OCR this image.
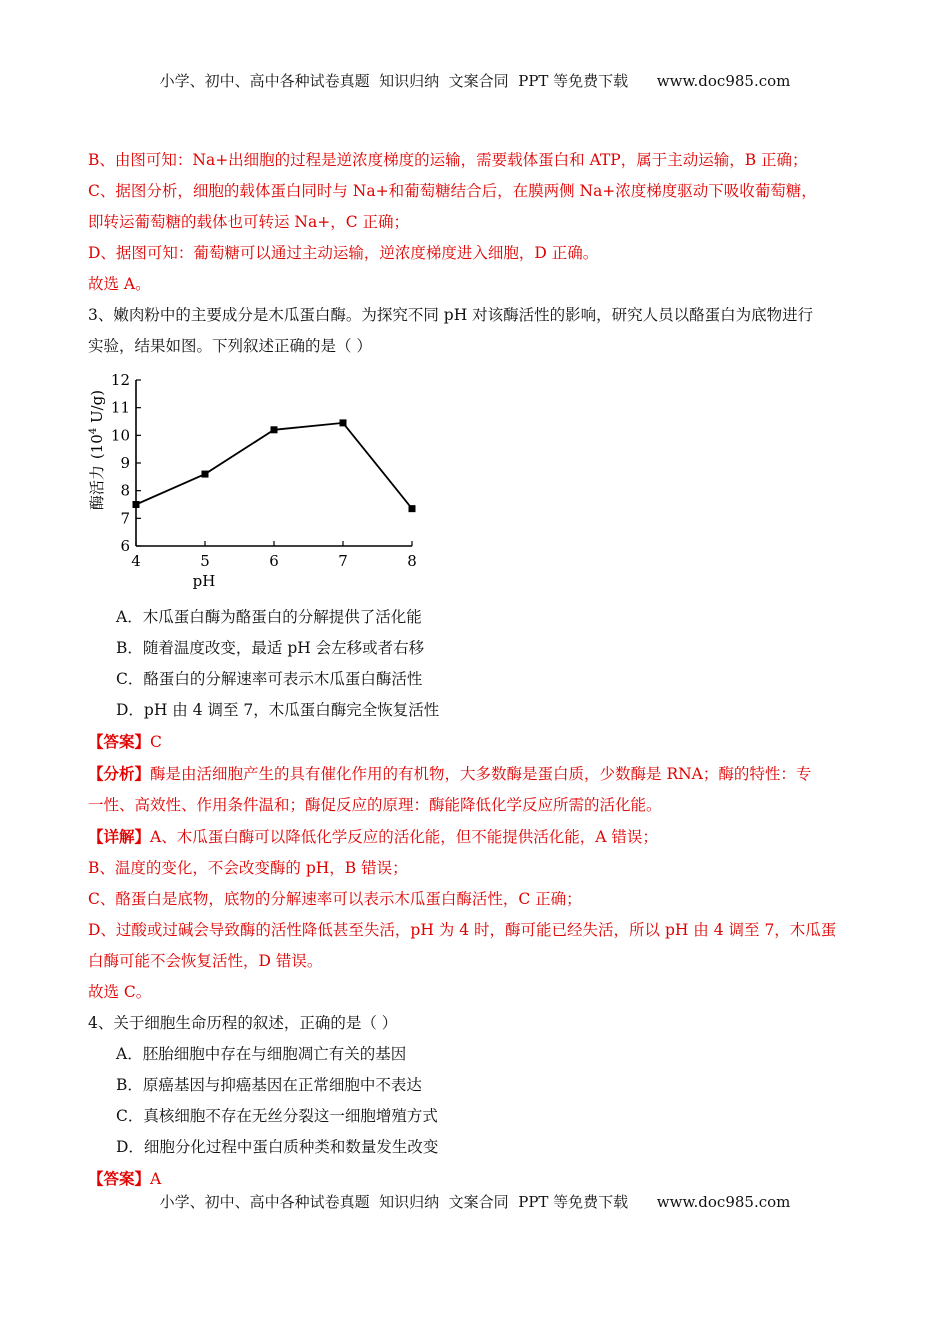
小学、初中、高中各种试卷真题  知识归纳  文案合同  PPT 等免费下载      www.doc985.com
B、由图可知：Na+出细胞的过程是逆浓度梯度的运输，需要载体蛋白和 ATP，属于主动运输，B 正确；
C、据图分析，细胞的载体蛋白同时与 Na+和葡萄糖结合后，在膜两侧 Na+浓度梯度驱动下吸收葡萄糖，
即转运葡萄糖的载体也可转运 Na+，C 正确；
D、据图可知：葡萄糖可以通过主动运输，逆浓度梯度进入细胞，D 正确。
故选 A。
3、嫩肉粉中的主要成分是木瓜蛋白酶。为探究不同 pH 对该酶活性的影响，研究人员以酪蛋白为底物进行
实验，结果如图。下列叙述正确的是（ ）
6
7
8
9
10
11
12
4	5	6	7	8
酶活力($10^4$ U/g)
pH
A．木瓜蛋白酶为酪蛋白的分解提供了活化能
B．随着温度改变，最适 pH 会左移或者右移
C．酪蛋白的分解速率可表示木瓜蛋白酶活性
D．pH 由 4 调至 7，木瓜蛋白酶完全恢复活性
【答案】C
【分析】酶是由活细胞产生的具有催化作用的有机物，大多数酶是蛋白质，少数酶是 RNA；酶的特性：专
一性、高效性、作用条件温和；酶促反应的原理：酶能降低化学反应所需的活化能。
【详解】A、木瓜蛋白酶可以降低化学反应的活化能，但不能提供活化能，A 错误；
B、温度的变化，不会改变酶的 pH，B 错误；
C、酪蛋白是底物，底物的分解速率可以表示木瓜蛋白酶活性，C 正确；
D、过酸或过碱会导致酶的活性降低甚至失活，pH 为 4 时，酶可能已经失活，所以 pH 由 4 调至 7，木瓜蛋
白酶可能不会恢复活性，D 错误。
故选 C。
4、关于细胞生命历程的叙述，正确的是（ ）
A．胚胎细胞中存在与细胞凋亡有关的基因
B．原癌基因与抑癌基因在正常细胞中不表达
C．真核细胞不存在无丝分裂这一细胞增殖方式
D．细胞分化过程中蛋白质种类和数量发生改变
【答案】A
小学、初中、高中各种试卷真题  知识归纳  文案合同  PPT 等免费下载      www.doc985.com
